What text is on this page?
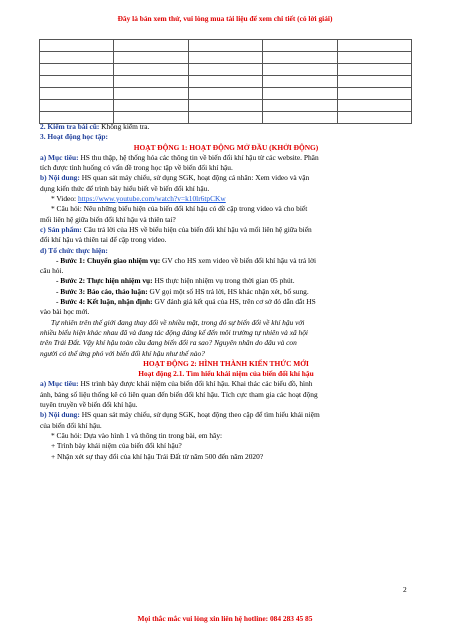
Đây là bản xem thử, vui lòng mua tài liệu để xem chi tiết (có lời giải)

2. Kiểm tra bài cũ: Không kiểm tra.
3. Hoạt động học tập:
HOẠT ĐỘNG 1: HOẠT ĐỘNG MỞ ĐẦU (KHỞI ĐỘNG)
a) Mục tiêu: HS thu thập, hệ thống hóa các thông tin về biến đổi khí hậu từ các website. Phân
tích được tình huống có vấn đề trong học tập về biến đổi khí hậu.
b) Nội dung: HS quan sát máy chiếu, sử dụng SGK, hoạt động cá nhân: Xem video và vận
dụng kiến thức để trình bày hiểu biết về biến đổi khí hậu.
* Video: https://www.youtube.com/watch?v=k10lr6tpCKw
* Câu hỏi: Nêu những biểu hiện của biến đổi khí hậu có đề cập trong video và cho biết
mối liên hệ giữa biến đổi khí hậu và thiên tai?
c) Sản phẩm: Câu trả lời của HS về biểu hiện của biến đổi khí hậu và mối liên hệ giữa biến
đổi khí hậu và thiên tai để cập trong video.
d) Tổ chức thực hiện:
- Bước 1: Chuyển giao nhiệm vụ: GV cho HS xem video về biến đổi khí hậu và trả lời
câu hỏi.
- Bước 2: Thực hiện nhiệm vụ: HS thực hiện nhiệm vụ trong thời gian 05 phút.
- Bước 3: Báo cáo, thảo luận: GV gọi một số HS trả lời, HS khác nhận xét, bổ sung.
- Bước 4: Kết luận, nhận định: GV đánh giá kết quả của HS, trên cơ sở đó dẫn dắt HS
vào bài học mới.
Tự nhiên trên thế giới đang thay đổi về nhiều mặt, trong đó sự biến đổi về khí hậu với
nhiều biểu hiện khác nhau đã và đang tác động đáng kể đến môi trường tự nhiên và xã hội
trên Trái Đất. Vậy khí hậu toàn cầu đang biến đổi ra sao? Nguyên nhân do đâu và con
người có thể ứng phó với biến đổi khí hậu như thế nào?
HOẠT ĐỘNG 2: HÌNH THÀNH KIẾN THỨC MỚI
Hoạt động 2.1. Tìm hiểu khái niệm của biến đổi khí hậu
a) Mục tiêu: HS trình bày được khái niệm của biến đổi khí hậu. Khai thác các biểu đồ, hình
ảnh, bảng số liệu thống kê có liên quan đến biến đổi khí hậu. Tích cực tham gia các hoạt động
tuyên truyền về biến đổi khí hậu.
b) Nội dung: HS quan sát máy chiếu, sử dụng SGK, hoạt động theo cặp để tìm hiểu khái niệm
của biến đổi khí hậu.
* Câu hỏi: Dựa vào hình 1 và thông tin trong bài, em hãy:
+ Trình bày khái niệm của biến đổi khí hậu?
+ Nhận xét sự thay đổi của khí hậu Trái Đất từ năm 500 đến năm 2020?
2
Mọi thắc mắc vui lòng xin liên hệ hotline: 084 283 45 85
